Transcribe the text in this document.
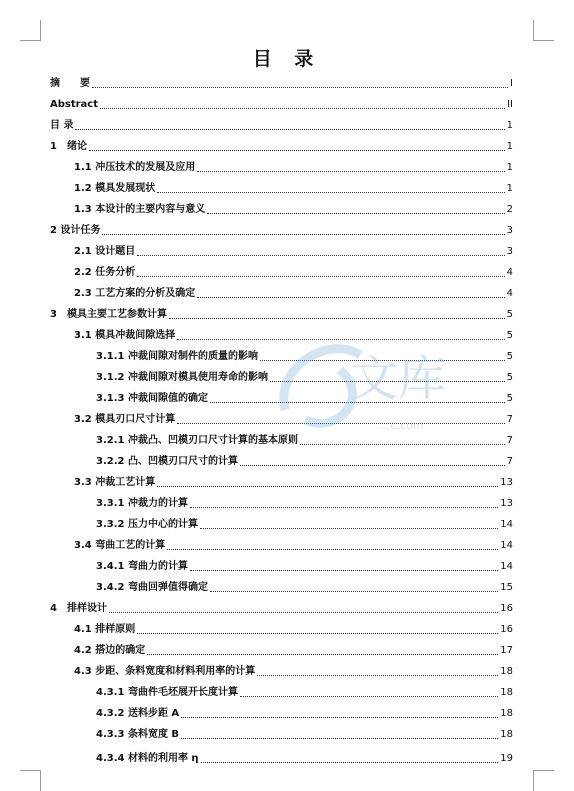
目 录
摘　　要	I
Abstract	II
目 录	1
1　绪论	1
1.1 冲压技术的发展及应用	1
1.2 模具发展现状	1
1.3 本设计的主要内容与意义	2
2 设计任务	3
2.1 设计题目	3
2.2 任务分析	4
2.3 工艺方案的分析及确定	4
3　模具主要工艺参数计算	5
3.1 模具冲裁间隙选择	5
3.1.1 冲裁间隙对制件的质量的影响	5
3.1.2 冲裁间隙对模具使用寿命的影响	5
3.1.3 冲裁间隙值的确定	5
3.2 模具刃口尺寸计算	7
3.2.1 冲裁凸、凹模刃口尺寸计算的基本原则	7
3.2.2 凸、凹模刃口尺寸的计算	7
3.3 冲裁工艺计算	13
3.3.1 冲裁力的计算	13
3.3.2 压力中心的计算	14
3.4 弯曲工艺的计算	14
3.4.1 弯曲力的计算	14
3.4.2 弯曲回弹值得确定	15
4　排样设计	16
4.1 排样原则	16
4.2 搭边的确定	17
4.3 步距、条料宽度和材料利用率的计算	18
4.3.1 弯曲件毛坯展开长度计算	18
4.3.2 送料步距 A	18
4.3.3 条料宽度 B	18
4.3.4 材料的利用率 η	19
文库
...c.com
